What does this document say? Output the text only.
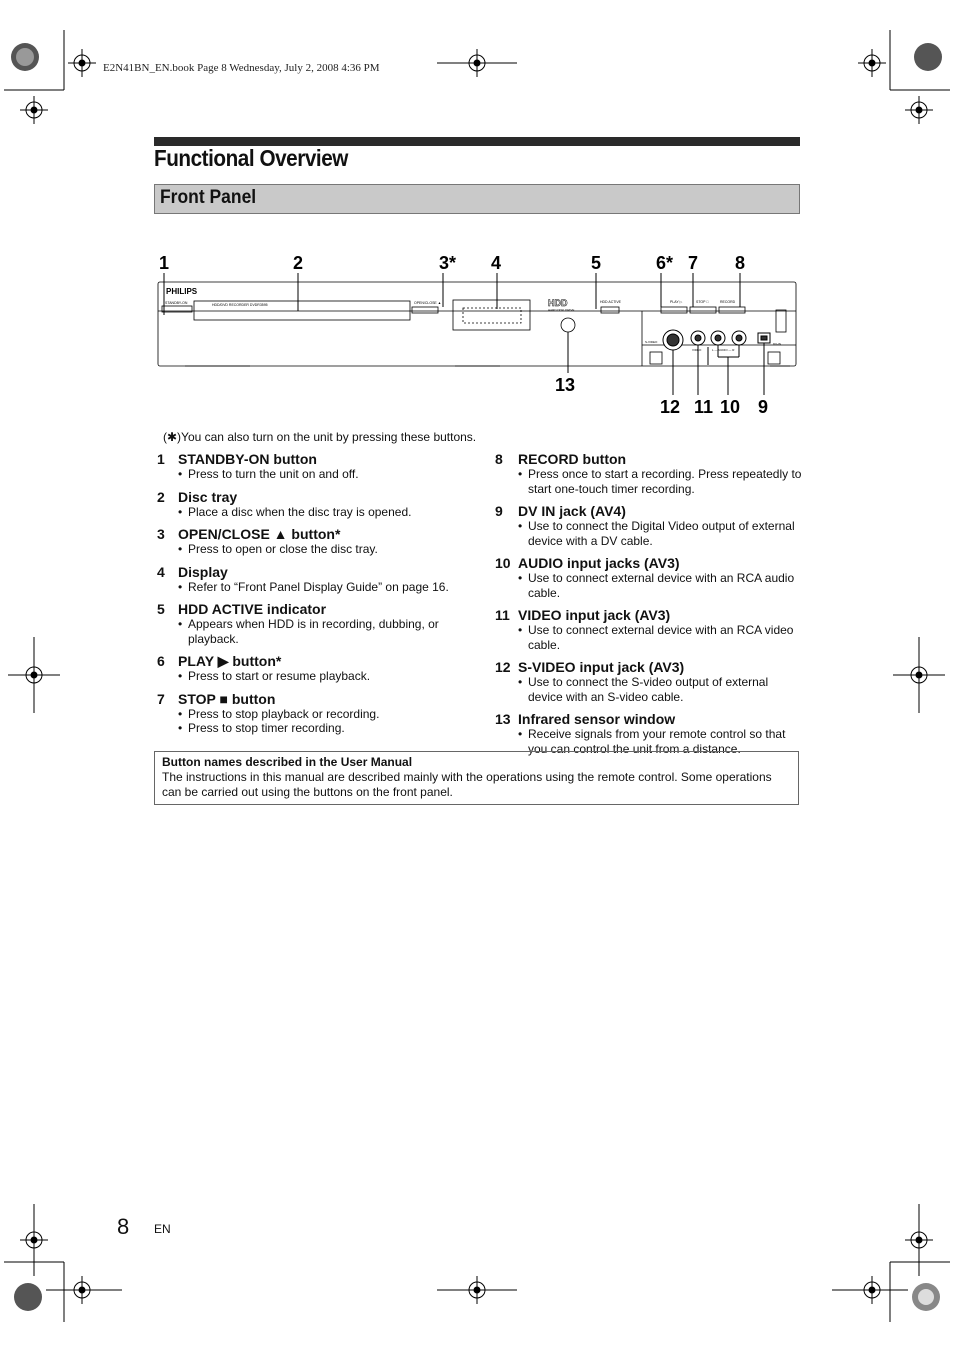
E2N41BN_EN.book Page 8 Wednesday, July 2, 2008 4:36 PM
Functional Overview
Front Panel
1	2	3* 4	5	6* 7 8
13
12 11 10 9
PHILIPS
STANDBY-ON	HDD/DVD RECORDER DVDR3595	OPEN/CLOSE ▲	HDD
HARD DISK DRIVE
HDD ACTIVE	PLAY ▷	STOP □	RECORD
S-VIDEO
VIDEO	L — AUDIO — R
DV-IN
(✱)You can also turn on the unit by pressing these buttons.
1 STANDBY-ON button
• Press to turn the unit on and off.
2 Disc tray
• Place a disc when the disc tray is opened.
3 OPEN/CLOSE ▲ button*
• Press to open or close the disc tray.
4 Display
• Refer to “Front Panel Display Guide” on page 16.
5 HDD ACTIVE indicator
• Appears when HDD is in recording, dubbing, or playback.
6 PLAY ▶ button*
• Press to start or resume playback.
7 STOP ■ button
• Press to stop playback or recording.
• Press to stop timer recording.
8	RECORD button
• Press once to start a recording. Press repeatedly to start one-touch timer recording.
9	DV IN jack (AV4)
• Use to connect the Digital Video output of external device with a DV cable.
10 AUDIO input jacks (AV3)
• Use to connect external device with an RCA audio cable.
11 VIDEO input jack (AV3)
• Use to connect external device with an RCA video cable.
12 S-VIDEO input jack (AV3)
• Use to connect the S-video output of external device with an S-video cable.
13 Infrared sensor window
• Receive signals from your remote control so that you can control the unit from a distance.
Button names described in the User Manual
The instructions in this manual are described mainly with the operations using the remote control. Some operations can be carried out using the buttons on the front panel.
8 EN
